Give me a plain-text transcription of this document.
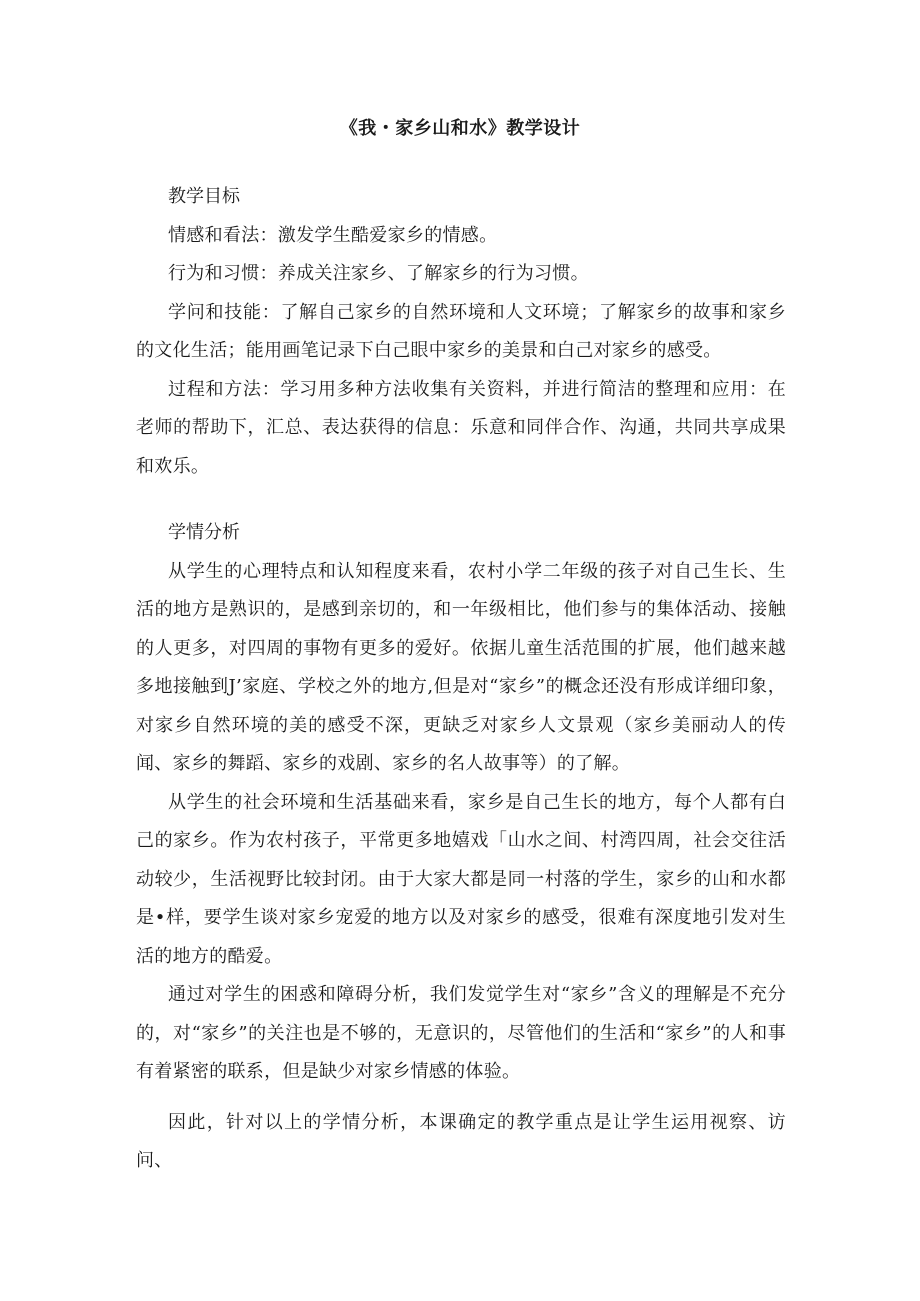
《我・家乡山和水》教学设计

教学目标

情感和看法：激发学生酷爱家乡的情感。

行为和习惯：养成关注家乡、了解家乡的行为习惯。

学问和技能：了解自己家乡的自然环境和人文环境；了解家乡的故事和家乡的文化生活；能用画笔记录下白己眼中家乡的美景和白己对家乡的感受。

过程和方法：学习用多种方法收集有关资料，并进行简洁的整理和应用：在老师的帮助下，汇总、表达获得的信息：乐意和同伴合作、沟通，共同共享成果和欢乐。

学情分析

从学生的心理特点和认知程度来看，农村小学二年级的孩子对自己生长、生活的地方是熟识的，是感到亲切的，和一年级相比，他们参与的集体活动、接触的人更多，对四周的事物有更多的爱好。依据儿童生活范围的扩展，他们越来越多地接触到J’家庭、学校之外的地方,但是对“家乡”的概念还没有形成详细印象，对家乡自然环境的美的感受不深，更缺乏对家乡人文景观（家乡美丽动人的传闻、家乡的舞蹈、家乡的戏剧、家乡的名人故事等）的了解。

从学生的社会环境和生活基础来看，家乡是自己生长的地方，每个人都有白己的家乡。作为农村孩子，平常更多地嬉戏「山水之间、村湾四周，社会交往活动较少，生活视野比较封闭。由于大家大都是同一村落的学生，家乡的山和水都是•样，要学生谈对家乡宠爱的地方以及对家乡的感受，很难有深度地引发对生活的地方的酷爱。

通过对学生的困惑和障碍分析，我们发觉学生对“家乡”含义的理解是不充分的，对“家乡”的关注也是不够的，无意识的，尽管他们的生活和“家乡”的人和事有着紧密的联系，但是缺少对家乡情感的体验。

因此，针对以上的学情分析，本课确定的教学重点是让学生运用视察、访问、
